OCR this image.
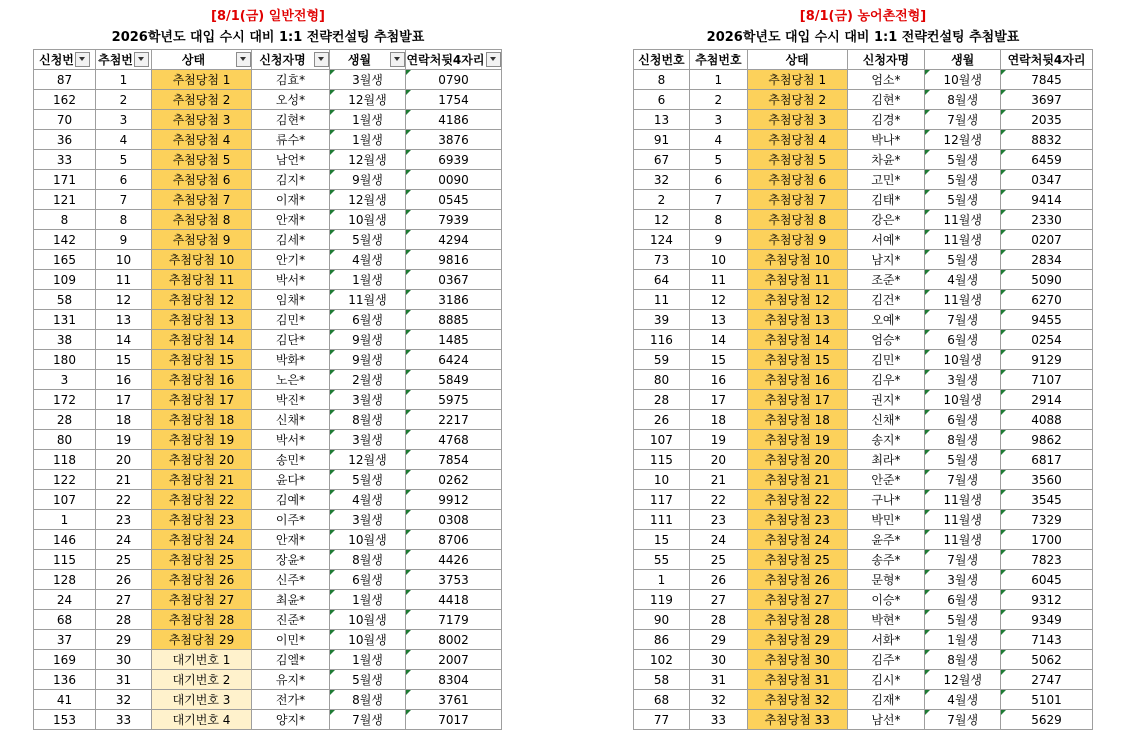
[8/1(금) 일반전형]
2026학년도 대입 수시 대비 1:1 전략컨설팅 추첨발표
신청번	추첨번	상태	신청자명	생월	연락처뒷4자리

87	1	추첨당첨 1	김효*	3월생	0790
162	2	추첨당첨 2	오성*	12월생	1754
70	3	추첨당첨 3	김현*	1월생	4186
36	4	추첨당첨 4	류수*	1월생	3876
33	5	추첨당첨 5	남언*	12월생	6939
171	6	추첨당첨 6	김지*	9월생	0090
121	7	추첨당첨 7	이재*	12월생	0545
8	8	추첨당첨 8	안재*	10월생	7939
142	9	추첨당첨 9	김세*	5월생	4294
165	10	추첨당첨 10	안기*	4월생	9816
109	11	추첨당첨 11	박서*	1월생	0367
58	12	추첨당첨 12	임채*	11월생	3186
131	13	추첨당첨 13	김민*	6월생	8885
38	14	추첨당첨 14	김단*	9월생	1485
180	15	추첨당첨 15	박화*	9월생	6424
3	16	추첨당첨 16	노은*	2월생	5849
172	17	추첨당첨 17	박진*	3월생	5975
28	18	추첨당첨 18	신채*	8월생	2217
80	19	추첨당첨 19	박서*	3월생	4768
118	20	추첨당첨 20	송민*	12월생	7854
122	21	추첨당첨 21	윤다*	5월생	0262
107	22	추첨당첨 22	김예*	4월생	9912
1	23	추첨당첨 23	이주*	3월생	0308
146	24	추첨당첨 24	안재*	10월생	8706
115	25	추첨당첨 25	장윤*	8월생	4426
128	26	추첨당첨 26	신주*	6월생	3753
24	27	추첨당첨 27	최윤*	1월생	4418
68	28	추첨당첨 28	진준*	10월생	7179
37	29	추첨당첨 29	이민*	10월생	8002
169	30	대기번호 1	김엘*	1월생	2007
136	31	대기번호 2	유지*	5월생	8304
41	32	대기번호 3	전가*	8월생	3761
153	33	대기번호 4	양지*	7월생	7017
[8/1(금) 농어촌전형]
2026학년도 대입 수시 대비 1:1 전략컨설팅 추첨발표
신청번호	추첨번호	상태	신청자명	생월	연락처뒷4자리
8	1	추첨당첨 1	엄소*	10월생	7845
6	2	추첨당첨 2	김현*	8월생	3697
13	3	추첨당첨 3	김경*	7월생	2035
91	4	추첨당첨 4	박나*	12월생	8832
67	5	추첨당첨 5	차윤*	5월생	6459
32	6	추첨당첨 6	고민*	5월생	0347
2	7	추첨당첨 7	김태*	5월생	9414
12	8	추첨당첨 8	강은*	11월생	2330
124	9	추첨당첨 9	서예*	11월생	0207
73	10	추첨당첨 10	남지*	5월생	2834
64	11	추첨당첨 11	조준*	4월생	5090
11	12	추첨당첨 12	김건*	11월생	6270
39	13	추첨당첨 13	오예*	7월생	9455
116	14	추첨당첨 14	엄승*	6월생	0254
59	15	추첨당첨 15	김민*	10월생	9129
80	16	추첨당첨 16	김우*	3월생	7107
28	17	추첨당첨 17	권지*	10월생	2914
26	18	추첨당첨 18	신채*	6월생	4088
107	19	추첨당첨 19	송지*	8월생	9862
115	20	추첨당첨 20	최라*	5월생	6817
10	21	추첨당첨 21	안준*	7월생	3560
117	22	추첨당첨 22	구나*	11월생	3545
111	23	추첨당첨 23	박민*	11월생	7329
15	24	추첨당첨 24	윤주*	11월생	1700
55	25	추첨당첨 25	송주*	7월생	7823
1	26	추첨당첨 26	문형*	3월생	6045
119	27	추첨당첨 27	이승*	6월생	9312
90	28	추첨당첨 28	박현*	5월생	9349
86	29	추첨당첨 29	서화*	1월생	7143
102	30	추첨당첨 30	김주*	8월생	5062
58	31	추첨당첨 31	김시*	12월생	2747
68	32	추첨당첨 32	김재*	4월생	5101
77	33	추첨당첨 33	남선*	7월생	5629
